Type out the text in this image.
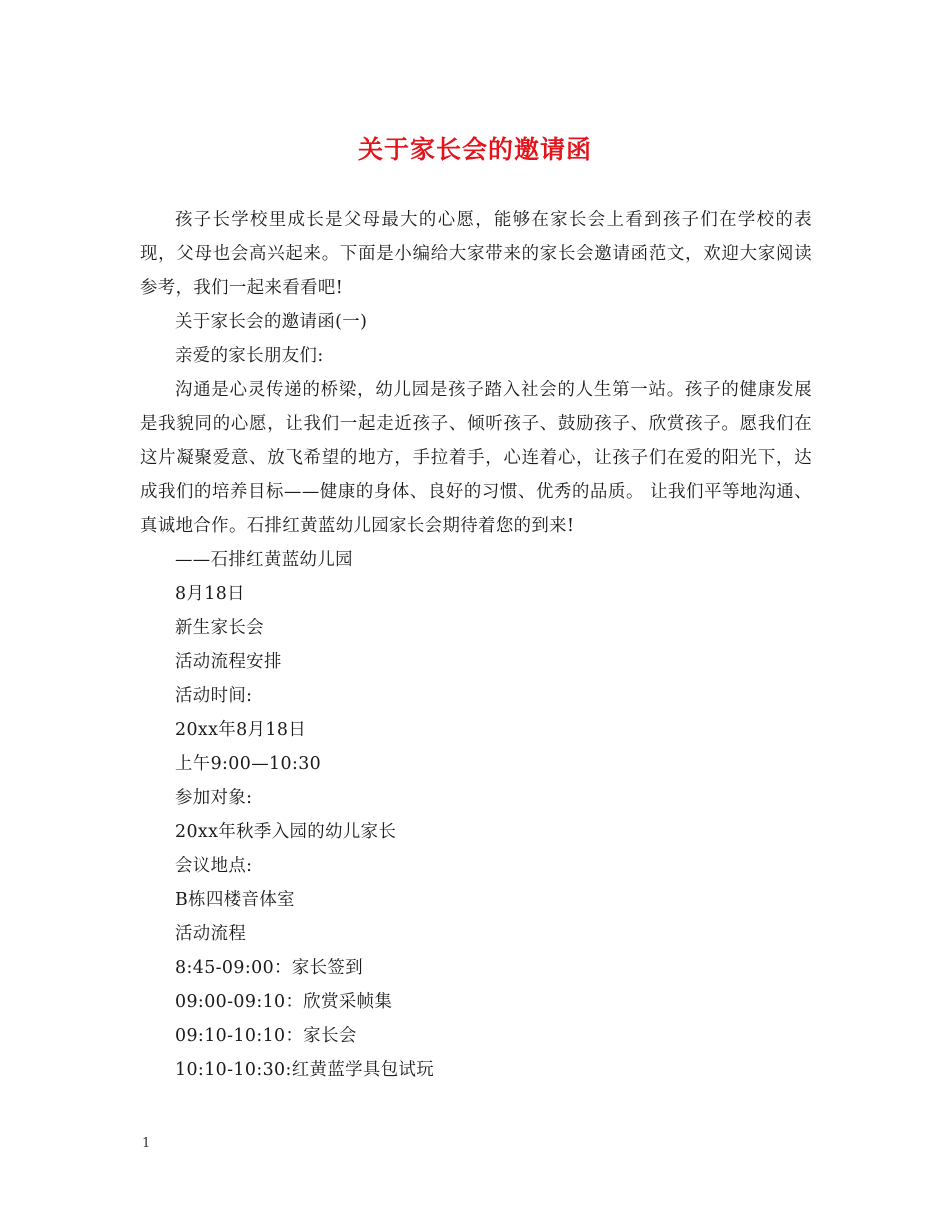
关于家长会的邀请函

孩子长学校里成长是父母最大的心愿，能够在家长会上看到孩子们在学校的表现，父母也会高兴起来。下面是小编给大家带来的家长会邀请函范文，欢迎大家阅读参考，我们一起来看看吧!

关于家长会的邀请函(一)

亲爱的家长朋友们:

沟通是心灵传递的桥梁，幼儿园是孩子踏入社会的人生第一站。孩子的健康发展是我貌同的心愿，让我们一起走近孩子、倾听孩子、鼓励孩子、欣赏孩子。愿我们在这片凝聚爱意、放飞希望的地方，手拉着手，心连着心，让孩子们在爱的阳光下，达成我们的培养目标——健康的身体、良好的习惯、优秀的品质。 让我们平等地沟通、真诚地合作。石排红黄蓝幼儿园家长会期待着您的到来!

——石排红黄蓝幼儿园

8月18日

新生家长会

活动流程安排

活动时间:

20xx年8月18日

上午9:00—10:30

参加对象:

20xx年秋季入园的幼儿家长

会议地点:

B栋四楼音体室

活动流程

8:45-09:00：家长签到

09:00-09:10：欣赏采帧集

09:10-10:10：家长会

10:10-10:30:红黄蓝学具包试玩

1
